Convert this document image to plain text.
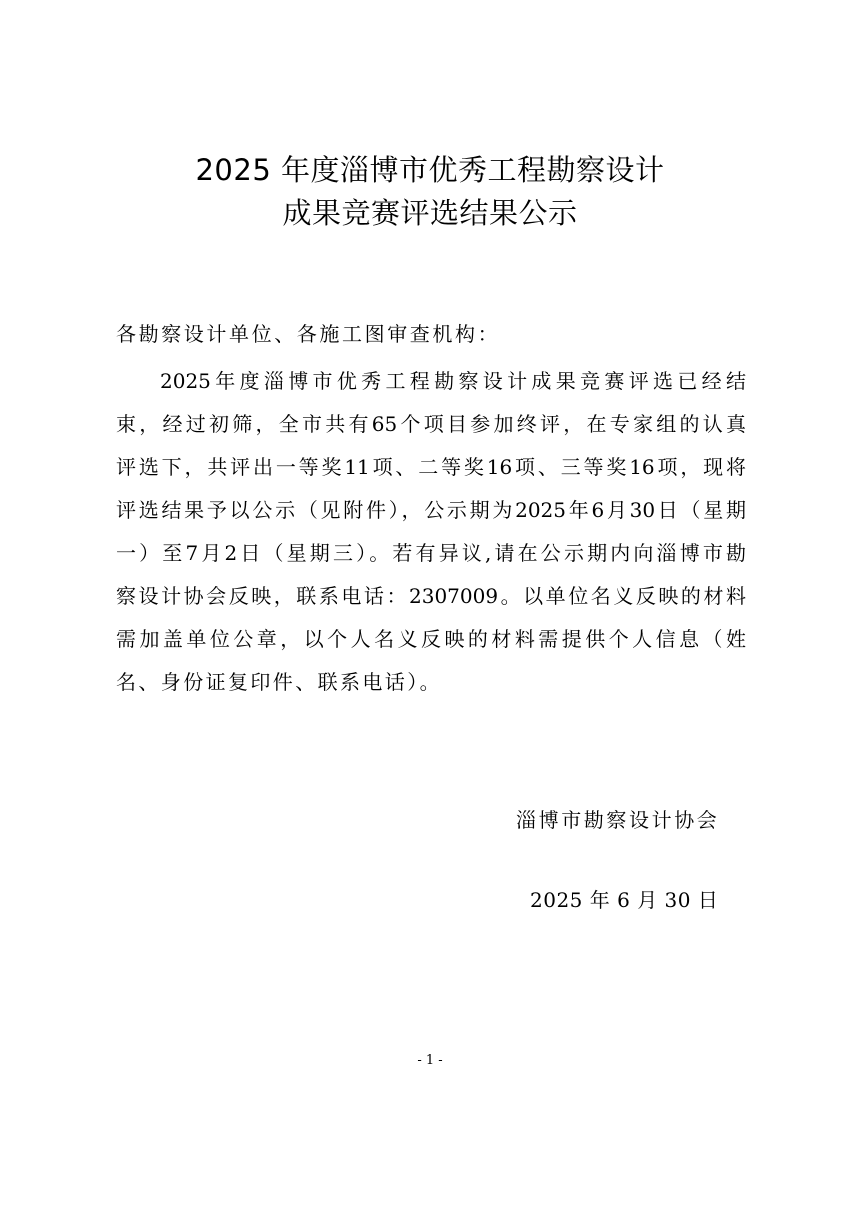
2025 年度淄博市优秀工程勘察设计
成果竞赛评选结果公示
各勘察设计单位、各施工图审查机构：
2025年度淄博市优秀工程勘察设计成果竞赛评选已经结
束，经过初筛，全市共有65个项目参加终评，在专家组的认真
评选下，共评出一等奖11项、二等奖16项、三等奖16项，现将
评选结果予以公示（见附件），公示期为2025年6月30日（星期
一）至7月2日（星期三）。若有异议,请在公示期内向淄博市勘
察设计协会反映，联系电话：2307009。以单位名义反映的材料
需加盖单位公章，以个人名义反映的材料需提供个人信息（姓
名、身份证复印件、联系电话）。
淄博市勘察设计协会
2025 年 6 月 30 日
- 1 -
